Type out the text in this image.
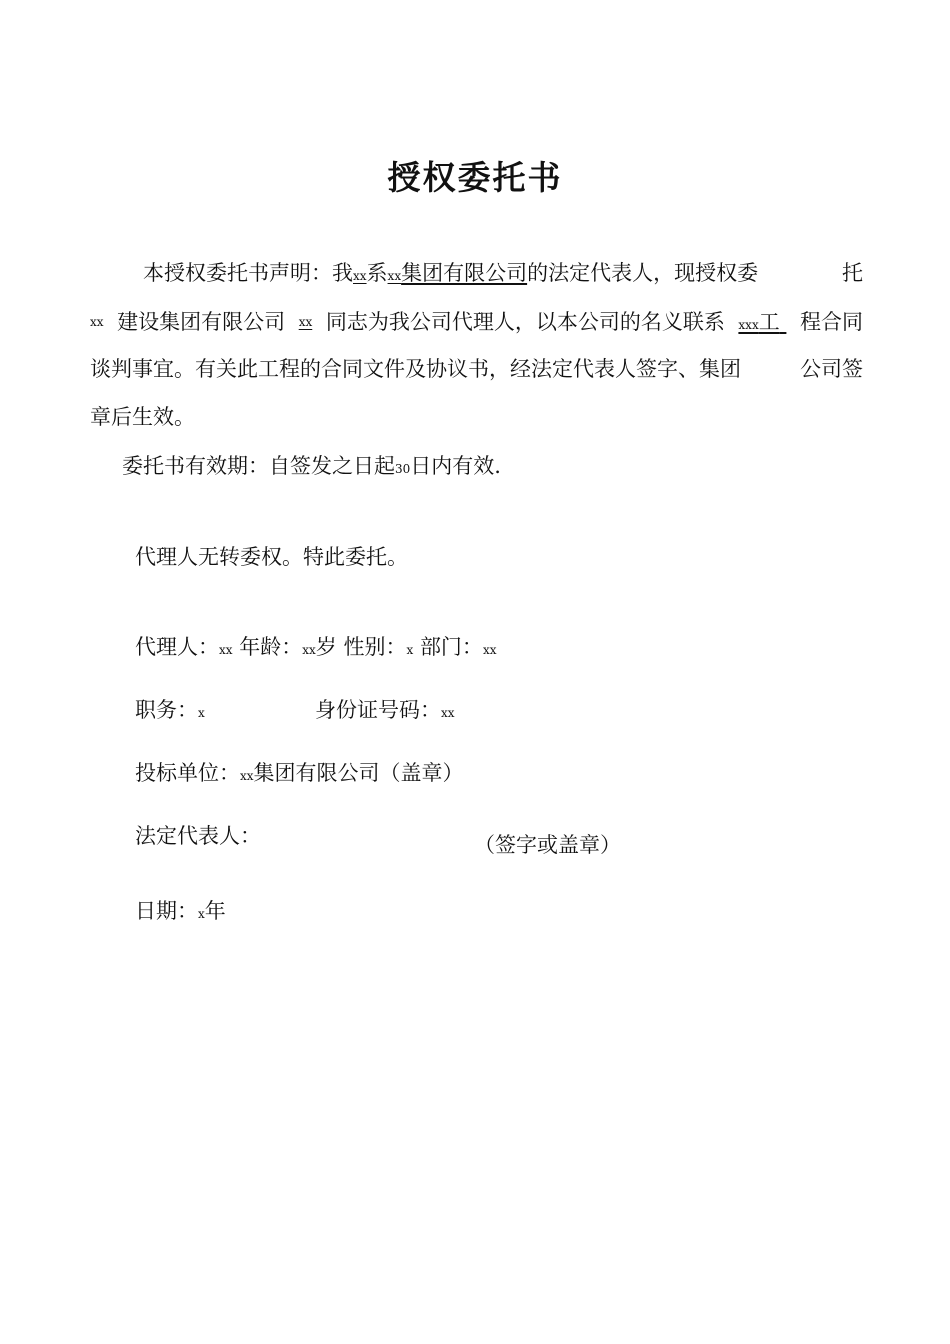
授权委托书
本授权委托书声明：我xx系xx集团有限公司的法定代表人，现授权委	托
xx 建设集团有限公司 xx 同志为我公司代理人，以本公司的名义联系 xxx工 程合同
谈判事宜。有关此工程的合同文件及协议书，经法定代表人签字、集团	公司签
章后生效。
委托书有效期：自签发之日起30日内有效.
代理人无转委权。特此委托。
代理人：xx 年龄：xx岁 性别：x 部门：xx
职务：x	身份证号码：xx
投标单位：xx集团有限公司（盖章）
法定代表人：	（签字或盖章）
日期：x年
